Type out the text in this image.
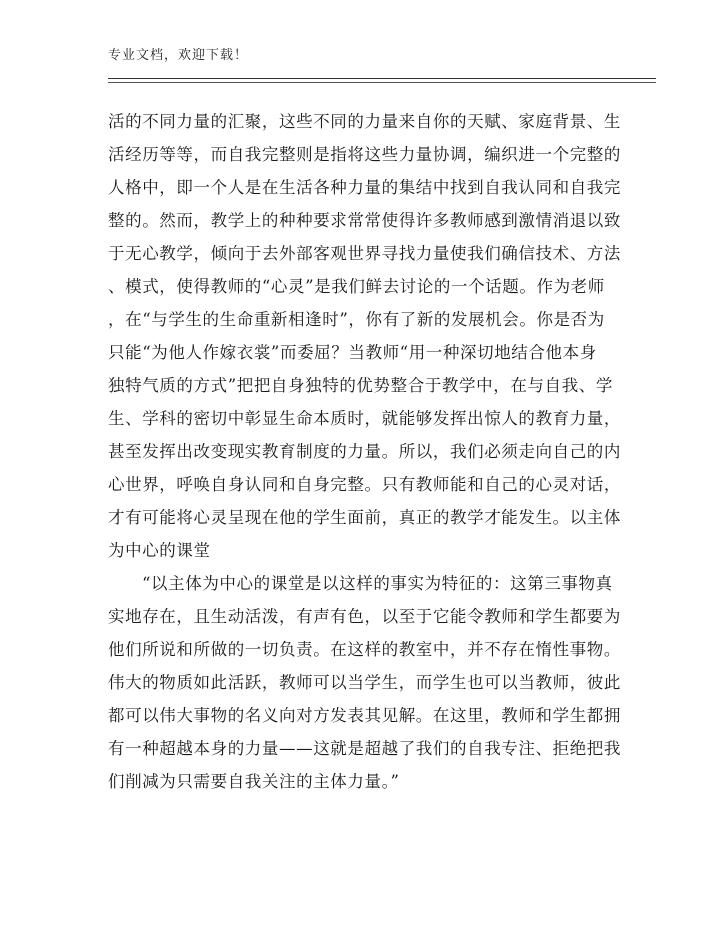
专业文档，欢迎下载！
活的不同力量的汇聚，这些不同的力量来自你的天赋、家庭背景、生
活经历等等，而自我完整则是指将这些力量协调，编织进一个完整的
人格中，即一个人是在生活各种力量的集结中找到自我认同和自我完
整的。然而，教学上的种种要求常常使得许多教师感到激情消退以致
于无心教学，倾向于去外部客观世界寻找力量使我们确信技术、方法
、模式，使得教师的“心灵”是我们鲜去讨论的一个话题。作为老师
，在“与学生的生命重新相逢时”，你有了新的发展机会。你是否为
只能“为他人作嫁衣裳”而委屈？当教师“用一种深切地结合他本身
独特气质的方式”把把自身独特的优势整合于教学中，在与自我、学
生、学科的密切中彰显生命本质时，就能够发挥出惊人的教育力量，
甚至发挥出改变现实教育制度的力量。所以，我们必须走向自己的内
心世界，呼唤自身认同和自身完整。只有教师能和自己的心灵对话，
才有可能将心灵呈现在他的学生面前，真正的教学才能发生。以主体
为中心的课堂
“以主体为中心的课堂是以这样的事实为特征的：这第三事物真
实地存在，且生动活泼，有声有色，以至于它能令教师和学生都要为
他们所说和所做的一切负责。在这样的教室中，并不存在惰性事物。
伟大的物质如此活跃，教师可以当学生，而学生也可以当教师，彼此
都可以伟大事物的名义向对方发表其见解。在这里，教师和学生都拥
有一种超越本身的力量——这就是超越了我们的自我专注、拒绝把我
们削减为只需要自我关注的主体力量。”
